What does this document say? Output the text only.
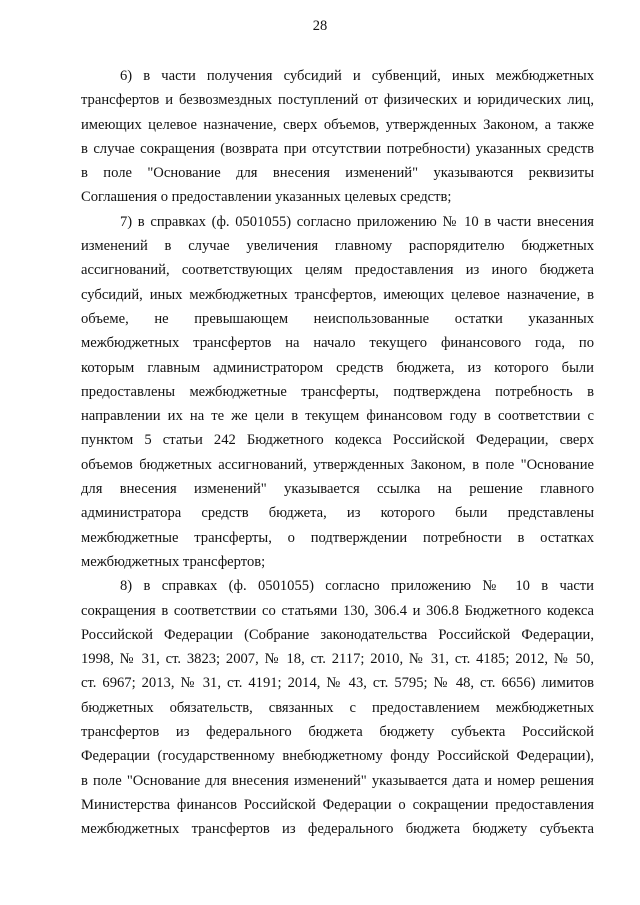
28
6) в части получения субсидий и субвенций, иных межбюджетных
трансфертов и безвозмездных поступлений от физических и юридических лиц,
имеющих целевое назначение, сверх объемов, утвержденных Законом, а также
в случае сокращения (возврата при отсутствии потребности) указанных средств
в поле "Основание для внесения изменений" указываются реквизиты
Соглашения о предоставлении указанных целевых средств;
7) в справках (ф. 0501055) согласно приложению № 10 в части внесения
изменений в случае увеличения главному распорядителю бюджетных
ассигнований, соответствующих целям предоставления из иного бюджета
субсидий, иных межбюджетных трансфертов, имеющих целевое назначение, в
объеме, не превышающем неиспользованные остатки указанных
межбюджетных трансфертов на начало текущего финансового года, по
которым главным администратором средств бюджета, из которого были
предоставлены межбюджетные трансферты, подтверждена потребность в
направлении их на те же цели в текущем финансовом году в соответствии с
пунктом 5 статьи 242 Бюджетного кодекса Российской Федерации, сверх
объемов бюджетных ассигнований, утвержденных Законом, в поле "Основание
для внесения изменений" указывается ссылка на решение главного
администратора средств бюджета, из которого были представлены
межбюджетные трансферты, о подтверждении потребности в остатках
межбюджетных трансфертов;
8) в справках (ф. 0501055) согласно приложению № 10 в части
сокращения в соответствии со статьями 130, 306.4 и 306.8 Бюджетного кодекса
Российской Федерации (Собрание законодательства Российской Федерации,
1998, № 31, ст. 3823; 2007, № 18, ст. 2117; 2010, № 31, ст. 4185; 2012, № 50,
ст. 6967; 2013, № 31, ст. 4191; 2014, № 43, ст. 5795; № 48, ст. 6656) лимитов
бюджетных обязательств, связанных с предоставлением межбюджетных
трансфертов из федерального бюджета бюджету субъекта Российской
Федерации (государственному внебюджетному фонду Российской Федерации),
в поле "Основание для внесения изменений" указывается дата и номер решения
Министерства финансов Российской Федерации о сокращении предоставления
межбюджетных трансфертов из федерального бюджета бюджету субъекта
